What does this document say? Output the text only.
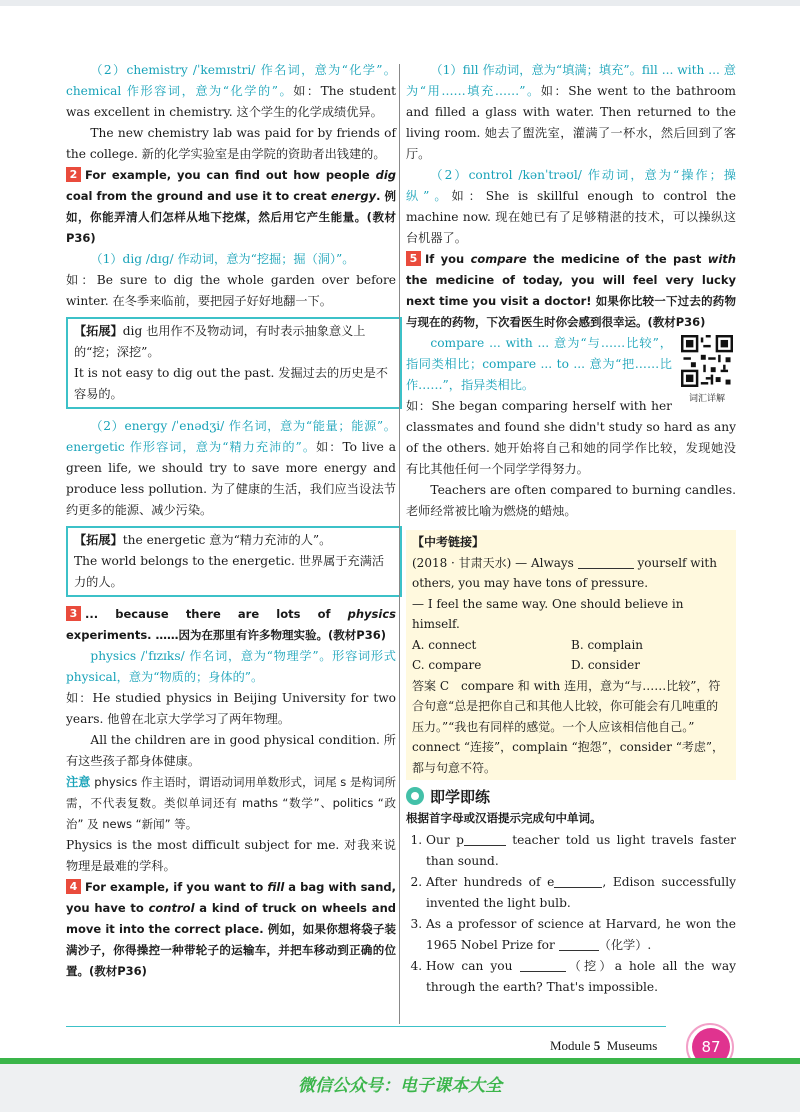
（2）chemistry /ˈkemɪstri/ 作名词，意为“化学”。chemical 作形容词，意为“化学的”。如：The student was excellent in chemistry. 这个学生的化学成绩优异。

The new chemistry lab was paid for by friends of the college. 新的化学实验室是由学院的资助者出钱建的。

2 For example, you can find out how people dig coal from the ground and use it to creat energy. 例如，你能弄清人们怎样从地下挖煤，然后用它产生能量。(教材P36)

（1）dig /dɪɡ/ 作动词，意为“挖掘；掘（洞）”。

如：Be sure to dig the whole garden over before winter. 在冬季来临前，要把园子好好地翻一下。

【拓展】dig 也用作不及物动词，有时表示抽象意义上的“挖；深挖”。
It is not easy to dig out the past. 发掘过去的历史是不容易的。

（2）energy /ˈenədʒi/ 作名词，意为“能量；能源”。energetic 作形容词，意为“精力充沛的”。如：To live a green life, we should try to save more energy and produce less pollution. 为了健康的生活，我们应当设法节约更多的能源、减少污染。

【拓展】the energetic 意为“精力充沛的人”。
The world belongs to the energetic. 世界属于充满活力的人。
3 ... because there are lots of physics experiments. ……因为在那里有许多物理实验。(教材P36)

physics /ˈfɪzɪks/ 作名词，意为“物理学”。形容词形式 physical，意为“物质的；身体的”。

如：He studied physics in Beijing University for two years. 他曾在北京大学学习了两年物理。

All the children are in good physical condition. 所有这些孩子都身体健康。

注意 physics 作主语时，谓语动词用单数形式，词尾 s 是构词所需，不代表复数。类似单词还有 maths “数学”、politics “政治” 及 news “新闻” 等。

Physics is the most difficult subject for me. 对我来说物理是最难的学科。

4 For example, if you want to fill a bag with sand, you have to control a kind of truck on wheels and move it into the correct place. 例如，如果你想将袋子装满沙子，你得操控一种带轮子的运输车，并把车移动到正确的位置。(教材P36)

（1）fill 作动词，意为“填满；填充”。fill ... with ... 意为“用……填充……”。如：She went to the bathroom and filled a glass with water. Then returned to the living room. 她去了盥洗室，灌满了一杯水，然后回到了客厅。

（2）control /kənˈtrəʊl/ 作动词，意为“操作；操纵”。如：She is skillful enough to control the machine now. 现在她已有了足够精湛的技术，可以操纵这台机器了。

5 If you compare the medicine of the past with the medicine of today, you will feel very lucky next time you visit a doctor! 如果你比较一下过去的药物与现在的药物，下次看医生时你会感到很幸运。(教材P36)
词汇详解

compare ... with ... 意为“与……比较”，指同类相比；compare ... to ... 意为“把……比作……”，指异类相比。

如：She began comparing herself with her classmates and found she didn't study so hard as any of the others. 她开始将自己和她的同学作比较，发现她没有比其他任何一个同学学得努力。

Teachers are often compared to burning candles. 老师经常被比喻为燃烧的蜡烛。

【中考链接】
(2018 · 甘肃天水) — Always	yourself with others, you may have tons of pressure.
— I feel the same way. One should believe in himself.
A. connect	B. complain
C. compare	D. consider
答案 C　compare 和 with 连用，意为“与……比较”，符合句意“总是把你自己和其他人比较，你可能会有几吨重的压力。”“我也有同样的感觉。一个人应该相信他自己。” connect “连接”，complain “抱怨”，consider “考虑”，都与句意不符。
即学即练
根据首字母或汉语提示完成句中单词。
1. Our p	teacher told us light travels faster than sound.
2. After hundreds of e	, Edison successfully invented the light bulb.
3. As a professor of science at Harvard, he won the 1965 Nobel Prize for	（化学）.
4. How can you	（挖）a hole all the way through the earth? That's impossible.
Module 5 Museums	87
微信公众号：电子课本大全
